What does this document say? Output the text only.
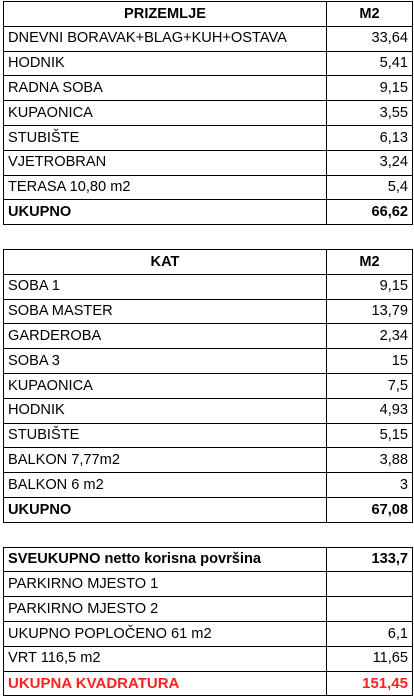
PRIZEMLJE	M2
DNEVNI BORAVAK+BLAG+KUH+OSTAVA	33,64
HODNIK	5,41
RADNA SOBA	9,15
KUPAONICA	3,55
STUBIŠTE	6,13
VJETROBRAN	3,24
TERASA 10,80 m2	5,4
UKUPNO	66,62

KAT	M2
SOBA 1	9,15
SOBA MASTER	13,79
GARDEROBA	2,34
SOBA 3	15
KUPAONICA	7,5
HODNIK	4,93
STUBIŠTE	5,15
BALKON 7,77m2	3,88
BALKON 6 m2	3
UKUPNO	67,08

SVEUKUPNO netto korisna površina	133,7
PARKIRNO MJESTO 1	
PARKIRNO MJESTO 2	
UKUPNO POPLOČENO 61 m2	6,1
VRT 116,5 m2	11,65
UKUPNA KVADRATURA	151,45
